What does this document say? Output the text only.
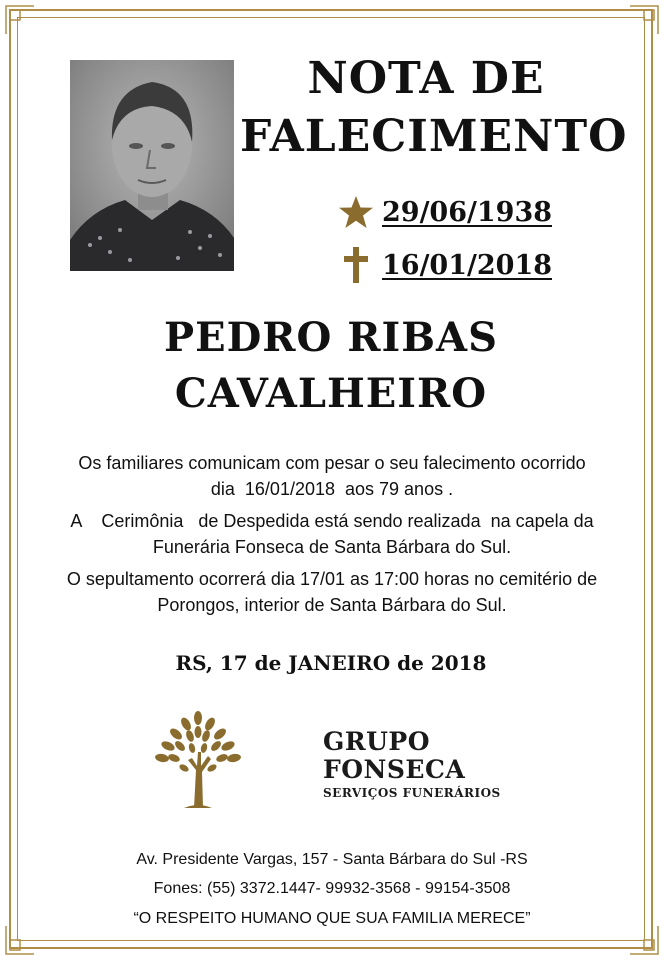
NOTA DE
FALECIMENTO
29/06/1938
16/01/2018
PEDRO RIBAS
CAVALHEIRO
Os familiares comunicam com pesar o seu falecimento ocorrido
dia  16/01/2018  aos 79 anos .
A    Cerimônia   de Despedida está sendo realizada  na capela da
Funerária Fonseca de Santa Bárbara do Sul.
O sepultamento ocorrerá dia 17/01 as 17:00 horas no cemitério de
Porongos, interior de Santa Bárbara do Sul.
RS, 17 de JANEIRO de 2018
GRUPO
FONSECA
SERVIÇOS FUNERÁRIOS
Av. Presidente Vargas, 157 - Santa Bárbara do Sul -RS
Fones: (55) 3372.1447- 99932-3568 - 99154-3508
“O RESPEITO HUMANO QUE SUA FAMILIA MERECE”
